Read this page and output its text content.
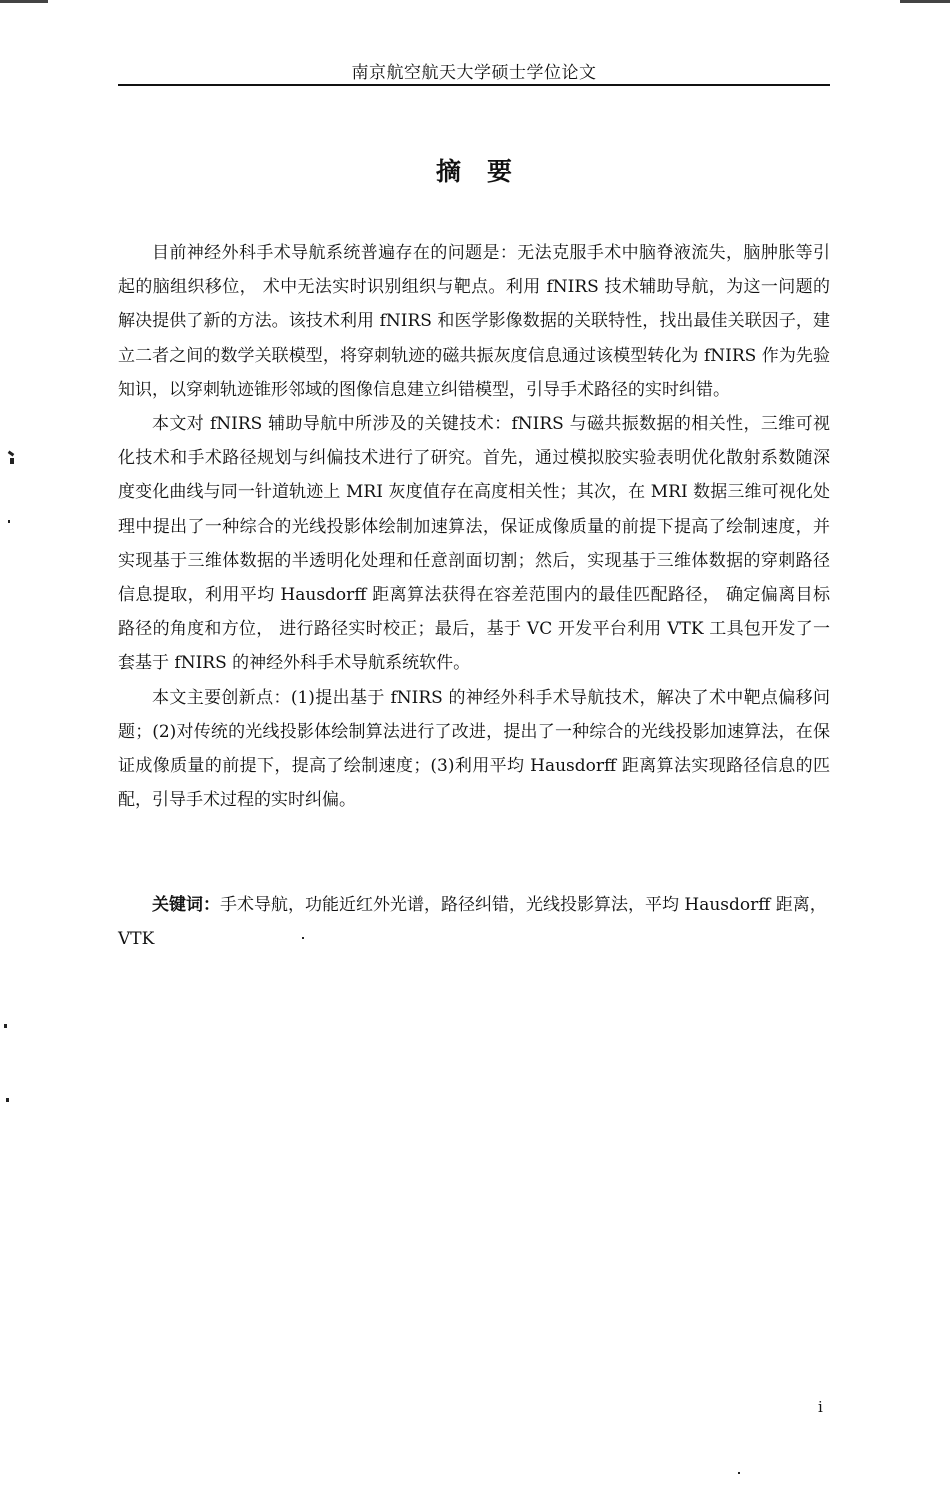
南京航空航天大学硕士学位论文
摘要

目前神经外科手术导航系统普遍存在的问题是：无法克服手术中脑脊液流失，脑肿胀等引起的脑组织移位， 术中无法实时识别组织与靶点。利用 fNIRS 技术辅助导航，为这一问题的解决提供了新的方法。该技术利用 fNIRS 和医学影像数据的关联特性，找出最佳关联因子，建立二者之间的数学关联模型，将穿刺轨迹的磁共振灰度信息通过该模型转化为 fNIRS 作为先验知识，以穿刺轨迹锥形邻域的图像信息建立纠错模型，引导手术路径的实时纠错。

本文对 fNIRS 辅助导航中所涉及的关键技术：fNIRS 与磁共振数据的相关性，三维可视化技术和手术路径规划与纠偏技术进行了研究。首先，通过模拟胶实验表明优化散射系数随深度变化曲线与同一针道轨迹上 MRI 灰度值存在高度相关性；其次，在 MRI 数据三维可视化处理中提出了一种综合的光线投影体绘制加速算法，保证成像质量的前提下提高了绘制速度，并实现基于三维体数据的半透明化处理和任意剖面切割；然后，实现基于三维体数据的穿刺路径信息提取，利用平均 Hausdorff 距离算法获得在容差范围内的最佳匹配路径， 确定偏离目标路径的角度和方位， 进行路径实时校正；最后，基于 VC 开发平台利用 VTK 工具包开发了一套基于 fNIRS 的神经外科手术导航系统软件。

本文主要创新点：(1)提出基于 fNIRS 的神经外科手术导航技术，解决了术中靶点偏移问题；(2)对传统的光线投影体绘制算法进行了改进，提出了一种综合的光线投影加速算法，在保证成像质量的前提下，提高了绘制速度；(3)利用平均 Hausdorff 距离算法实现路径信息的匹配，引导手术过程的实时纠偏。

关键词：手术导航，功能近红外光谱，路径纠错，光线投影算法，平均 Hausdorff 距离，VTK
i
